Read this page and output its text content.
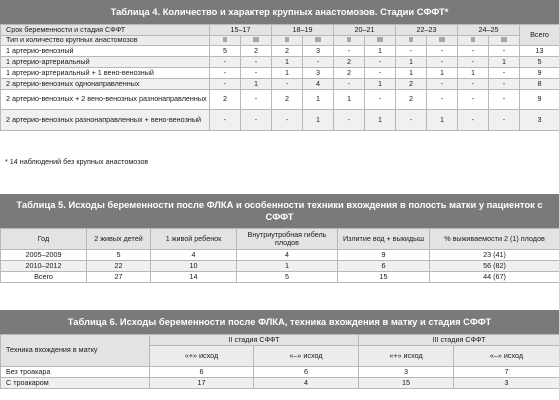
Таблица 4. Количество и характер крупных анастомозов. Стадии СФФТ*
Срок беременности и стадия СФФТ	15–17		18–19		20–21		22–23		24–25		Всего
Тип и количество крупных анастомозов	II	III	II	III	II	III	II	III	II	III	
1 артерио-венозный	5	2	2	3	-	1	-	-	-	-	13
1 артерио-артериальный	-	-	1	-	2	-	1	-	-	1	5
1 артерио-артериальный + 1 вено-венозный	-	-	1	3	2	-	1	1	1	-	9
2 артерио-венозных однонаправленных	-	1	-	4	-	1	2	-	-	-	8
2 артерио-венозных + 2 вено-венозных разнонаправленных	2	-	2	1	1	-	2	-	-	-	9
2 артерио-венозных разнонаправленных + вено-венозный	-	-	-	1	-	1	-	1	-	-	3
* 14 наблюдений без крупных анастомозов
Таблица 5. Исходы беременности после ФЛКА и особенности техники вхождения в полость матки у пациенток с СФФТ
Год	2 живых детей	1 живой ребенок	Внутриутробная гибель плодов	Излитие вод + выкидыш	% выживаемости 2 (1) плодов
2005–2009	5	4	4	9	23 (41)
2010–2012	22	10	1	6	56 (82)
Всего	27	14	5	15	44 (67)
Таблица 6. Исходы беременности после ФЛКА, техника вхождения в матку и стадия СФФТ
Техника вхождения в матку	II стадия СФФТ		III стадия СФФТ	
	«+» исход	«–» исход	«+» исход	«–» исход
Без троакара	6	6	3	7
С троакаром	17	4	15	3
